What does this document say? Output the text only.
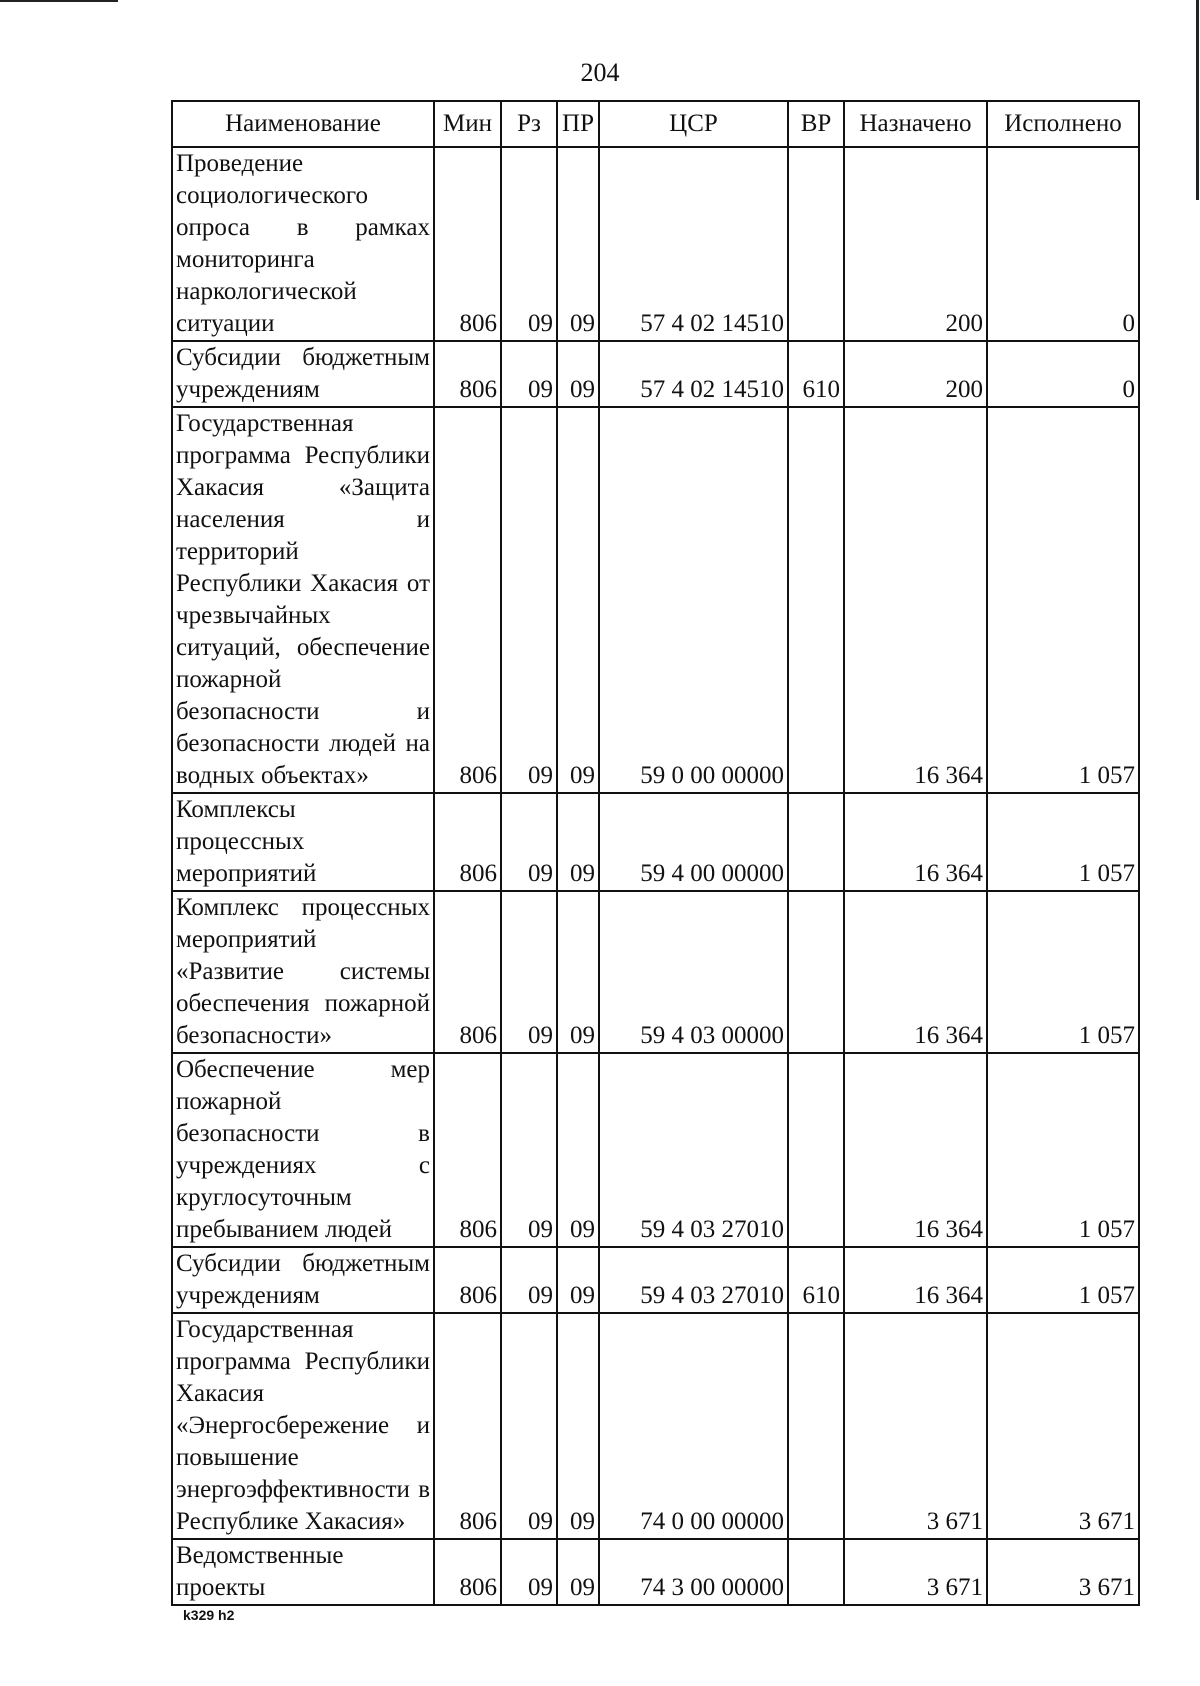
204
Наименование	Мин	Рз	ПР	ЦСР	ВР	Назначено	Исполнено
Проведение социологического опроса в рамках мониторинга наркологической ситуации	806	09	09	57 4 02 14510		200	0
Субсидии бюджетным учреждениям	806	09	09	57 4 02 14510	610	200	0
Государственная программа Республики Хакасия «Защита населения и территорий Республики Хакасия от чрезвычайных ситуаций, обеспечение пожарной безопасности и безопасности людей на водных объектах»	806	09	09	59 0 00 00000		16 364	1 057
Комплексы процессных мероприятий	806	09	09	59 4 00 00000		16 364	1 057
Комплекс процессных мероприятий «Развитие системы обеспечения пожарной безопасности»	806	09	09	59 4 03 00000		16 364	1 057
Обеспечение мер пожарной безопасности в учреждениях с круглосуточным пребыванием людей	806	09	09	59 4 03 27010		16 364	1 057
Субсидии бюджетным учреждениям	806	09	09	59 4 03 27010	610	16 364	1 057
Государственная программа Республики Хакасия «Энергосбережение и повышение энергоэффективности в Республике Хакасия»	806	09	09	74 0 00 00000		3 671	3 671
Ведомственные проекты	806	09	09	74 3 00 00000		3 671	3 671
k329 h2
